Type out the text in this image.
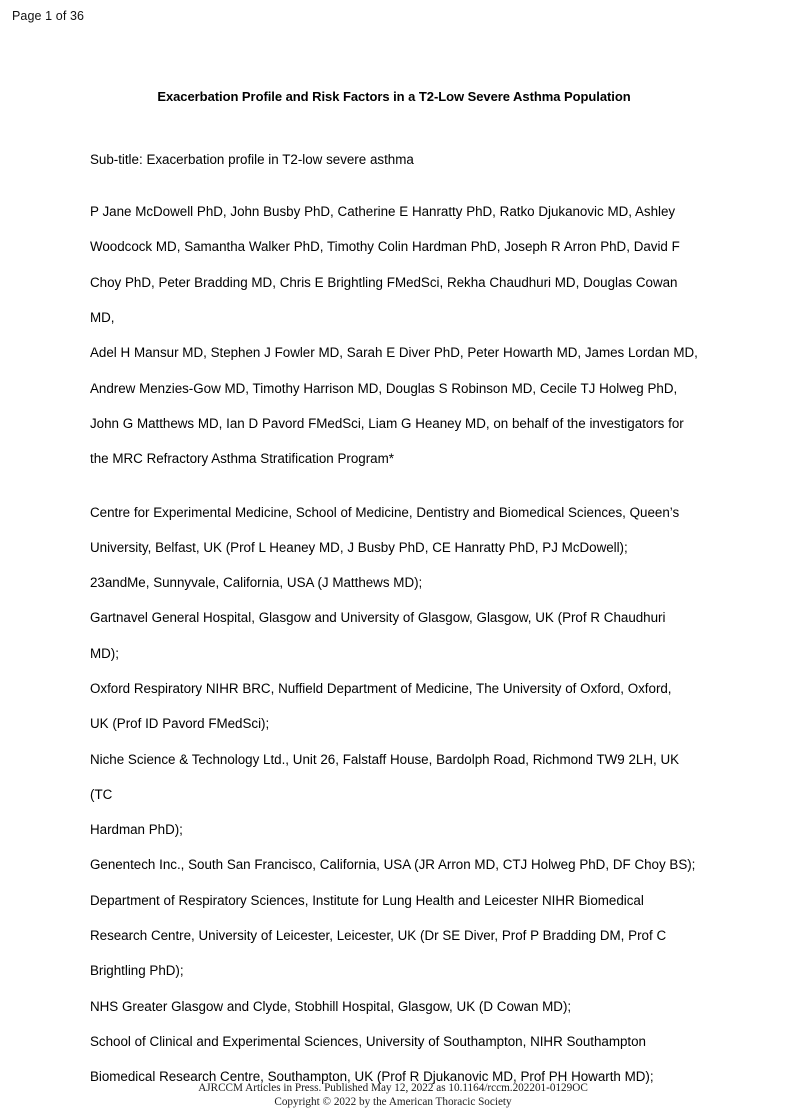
Page 1 of 36
Exacerbation Profile and Risk Factors in a T2-Low Severe Asthma Population
Sub-title: Exacerbation profile in T2-low severe asthma
P Jane McDowell PhD, John Busby PhD, Catherine E Hanratty PhD, Ratko Djukanovic MD, Ashley
Woodcock MD, Samantha Walker PhD, Timothy Colin Hardman PhD, Joseph R Arron PhD, David F
Choy PhD, Peter Bradding MD, Chris E Brightling FMedSci, Rekha Chaudhuri MD, Douglas Cowan MD,
Adel H Mansur MD, Stephen J Fowler MD, Sarah E Diver PhD, Peter Howarth MD, James Lordan MD,
Andrew Menzies-Gow MD, Timothy Harrison MD, Douglas S Robinson MD, Cecile TJ Holweg PhD,
John G Matthews MD, Ian D Pavord FMedSci, Liam G Heaney MD, on behalf of the investigators for
the MRC Refractory Asthma Stratification Program*
Centre for Experimental Medicine, School of Medicine, Dentistry and Biomedical Sciences, Queen’s
University, Belfast, UK (Prof L Heaney MD, J Busby PhD, CE Hanratty PhD, PJ McDowell);
23andMe, Sunnyvale, California, USA (J Matthews MD);
Gartnavel General Hospital, Glasgow and University of Glasgow, Glasgow, UK (Prof R Chaudhuri MD);
Oxford Respiratory NIHR BRC, Nuffield Department of Medicine, The University of Oxford, Oxford,
UK (Prof ID Pavord FMedSci);
Niche Science & Technology Ltd., Unit 26, Falstaff House, Bardolph Road, Richmond TW9 2LH, UK (TC
Hardman PhD);
Genentech Inc., South San Francisco, California, USA (JR Arron MD, CTJ Holweg PhD, DF Choy BS);
Department of Respiratory Sciences, Institute for Lung Health and Leicester NIHR Biomedical
Research Centre, University of Leicester, Leicester, UK (Dr SE Diver, Prof P Bradding DM, Prof C
Brightling PhD);
NHS Greater Glasgow and Clyde, Stobhill Hospital, Glasgow, UK (D Cowan MD);
School of Clinical and Experimental Sciences, University of Southampton, NIHR Southampton
Biomedical Research Centre, Southampton, UK (Prof R Djukanovic MD, Prof PH Howarth MD);
AJRCCM Articles in Press. Published May 12, 2022 as 10.1164/rccm.202201-0129OC
Copyright © 2022 by the American Thoracic Society
